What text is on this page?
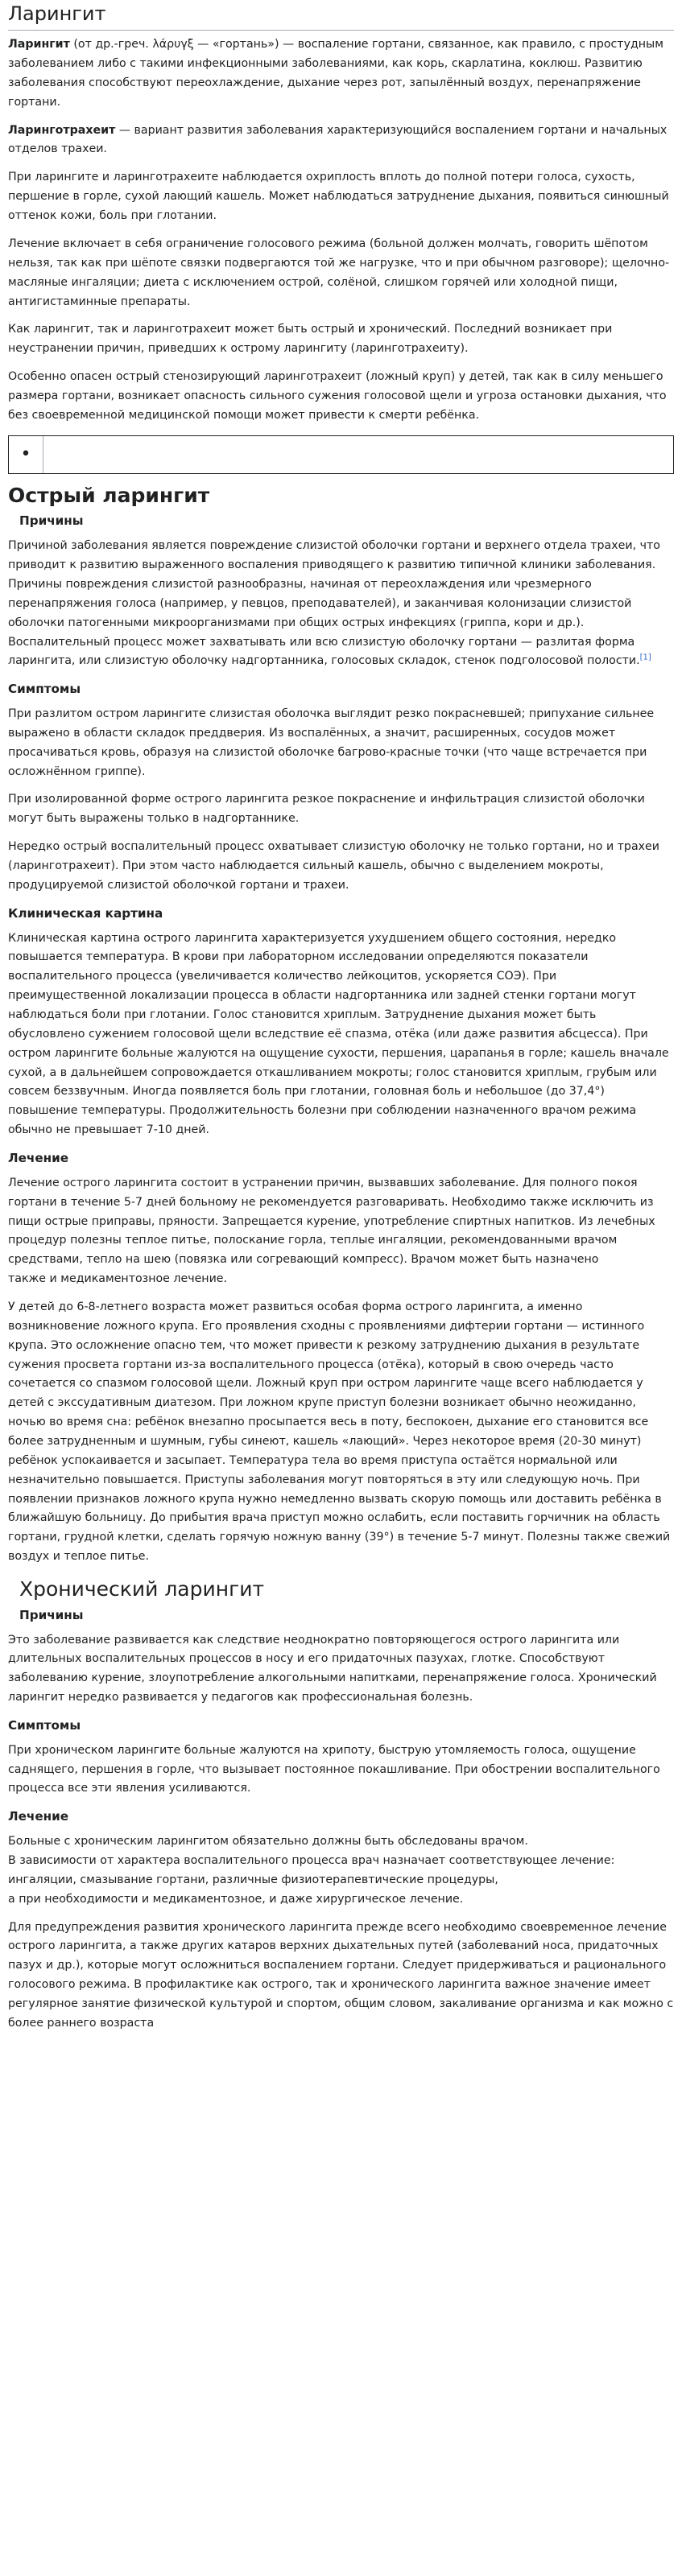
Ларингит

Ларингит (от др.-греч. λάρυγξ — «гортань») — воспаление гортани, связанное, как правило, с простудным заболеванием либо с такими инфекционными заболеваниями, как корь, скарлатина, коклюш. Развитию заболевания способствуют переохлаждение, дыхание через рот, запылённый воздух, перенапряжение гортани.

Ларинготрахеит — вариант развития заболевания характеризующийся воспалением гортани и начальных отделов трахеи.

При ларингите и ларинготрахеите наблюдается охриплость вплоть до полной потери голоса, сухость, першение в горле, сухой лающий кашель. Может наблюдаться затруднение дыхания, появиться синюшный оттенок кожи, боль при глотании.

Лечение включает в себя ограничение голосового режима (больной должен молчать, говорить шёпотом нельзя, так как при шёпоте связки подвергаются той же нагрузке, что и при обычном разговоре); щелочно-масляные ингаляции; диета с исключением острой, солёной, слишком горячей или холодной пищи, антигистаминные препараты.

Как ларингит, так и ларинготрахеит может быть острый и хронический. Последний возникает при неустранении причин, приведших к острому ларингиту (ларинготрахеиту).

Особенно опасен острый стенозирующий ларинготрахеит (ложный круп) у детей, так как в силу меньшего размера гортани, возникает опасность сильного сужения голосовой щели и угроза остановки дыхания, что без своевременной медицинской помощи может привести к смерти ребёнка.

•
Острый ларингит
Причины

Причиной заболевания является повреждение слизистой оболочки гортани и верхнего отдела трахеи, что приводит к развитию выраженного воспаления приводящего к развитию типичной клиники заболевания. Причины повреждения слизистой разнообразны, начиная от переохлаждения или чрезмерного перенапряжения голоса (например, у певцов, преподавателей), и заканчивая колонизации слизистой оболочки патогенными микроорганизмами при общих острых инфекциях (гриппа, кори и др.). Воспалительный процесс может захватывать или всю слизистую оболочку гортани — разлитая форма ларингита, или слизистую оболочку надгортанника, голосовых складок, стенок подголосовой полости.[1]

Симптомы

При разлитом остром ларингите слизистая оболочка выглядит резко покрасневшей; припухание сильнее выражено в области складок преддверия. Из воспалённых, а значит, расширенных, сосудов может просачиваться кровь, образуя на слизистой оболочке багрово-красные точки (что чаще встречается при осложнённом гриппе).

При изолированной форме острого ларингита резкое покраснение и инфильтрация слизистой оболочки могут быть выражены только в надгортаннике.

Нередко острый воспалительный процесс охватывает слизистую оболочку не только гортани, но и трахеи (ларинготрахеит). При этом часто наблюдается сильный кашель, обычно с выделением мокроты, продуцируемой слизистой оболочкой гортани и трахеи.

Клиническая картина

Клиническая картина острого ларингита характеризуется ухудшением общего состояния, нередко повышается температура. В крови при лабораторном исследовании определяются показатели воспалительного процесса (увеличивается количество лейкоцитов, ускоряется СОЭ). При преимущественной локализации процесса в области надгортанника или задней стенки гортани могут наблюдаться боли при глотании. Голос становится хриплым. Затруднение дыхания может быть обусловлено сужением голосовой щели вследствие её спазма, отёка (или даже развития абсцесса). При остром ларингите больные жалуются на ощущение сухости, першения, царапанья в горле; кашель вначале сухой, а в дальнейшем сопровождается откашливанием мокроты; голос становится хриплым, грубым или совсем беззвучным. Иногда появляется боль при глотании, головная боль и небольшое (до 37,4°) повышение температуры. Продолжительность болезни при соблюдении назначенного врачом режима обычно не превышает 7-10 дней.

Лечение

Лечение острого ларингита состоит в устранении причин, вызвавших заболевание. Для полного покоя гортани в течение 5-7 дней больному не рекомендуется разговаривать. Необходимо также исключить из пищи острые приправы, пряности. Запрещается курение, употребление спиртных напитков. Из лечебных процедур полезны теплое питье, полоскание горла, теплые ингаляции, рекомендованными врачом средствами, тепло на шею (повязка или согревающий компресс). Врачом может быть назначено
также и медикаментозное лечение.

У детей до 6-8-летнего возраста может развиться особая форма острого ларингита, а именно возникновение ложного крупа. Его проявления сходны с проявлениями дифтерии гортани — истинного крупа. Это осложнение опасно тем, что может привести к резкому затруднению дыхания в результате сужения просвета гортани из-за воспалительного процесса (отёка), который в свою очередь часто сочетается со спазмом голосовой щели. Ложный круп при остром ларингите чаще всего наблюдается у детей с экссудативным диатезом. При ложном крупе приступ болезни возникает обычно неожиданно, ночью во время сна: ребёнок внезапно просыпается весь в поту, беспокоен, дыхание его становится все более затрудненным и шумным, губы синеют, кашель «лающий». Через некоторое время (20-30 минут) ребёнок успокаивается и засыпает. Температура тела во время приступа остаётся нормальной или незначительно повышается. Приступы заболевания могут повторяться в эту или следующую ночь. При появлении признаков ложного крупа нужно немедленно вызвать скорую помощь или доставить ребёнка в ближайшую больницу. До прибытия врача приступ можно ослабить, если поставить горчичник на область гортани, грудной клетки, сделать горячую ножную ванну (39°) в течение 5-7 минут. Полезны также свежий воздух и теплое питье.

Хронический ларингит
Причины

Это заболевание развивается как следствие неоднократно повторяющегося острого ларингита или длительных воспалительных процессов в носу и его придаточных пазухах, глотке. Способствуют заболеванию курение, злоупотребление алкогольными напитками, перенапряжение голоса. Хронический ларингит нередко развивается у педагогов как профессиональная болезнь.

Симптомы

При хроническом ларингите больные жалуются на хрипоту, быструю утомляемость голоса, ощущение саднящего, першения в горле, что вызывает постоянное покашливание. При обострении воспалительного процесса все эти явления усиливаются.

Лечение

Больные с хроническим ларингитом обязательно должны быть обследованы врачом.
В зависимости от характера воспалительного процесса врач назначает соответствующее лечение: ингаляции, смазывание гортани, различные физиотерапевтические процедуры,
а при необходимости и медикаментозное, и даже хирургическое лечение.

Для предупреждения развития хронического ларингита прежде всего необходимо своевременное лечение острого ларингита, а также других катаров верхних дыхательных путей (заболеваний носа, придаточных пазух и др.), которые могут осложниться воспалением гортани. Следует придерживаться и рационального голосового режима. В профилактике как острого, так и хронического ларингита важное значение имеет регулярное занятие физической культурой и спортом, общим словом, закаливание организма и как можно с более раннего возраста
